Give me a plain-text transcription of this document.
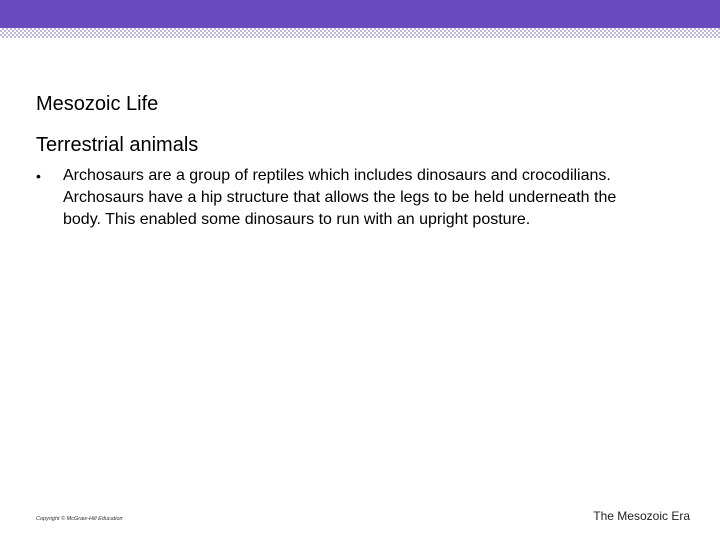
Mesozoic Life
Terrestrial animals
•	Archosaurs are a group of reptiles which includes dinosaurs and crocodilians. Archosaurs have a hip structure that allows the legs to be held underneath the body. This enabled some dinosaurs to run with an upright posture.
Copyright © McGraw-Hill Education	The Mesozoic Era
